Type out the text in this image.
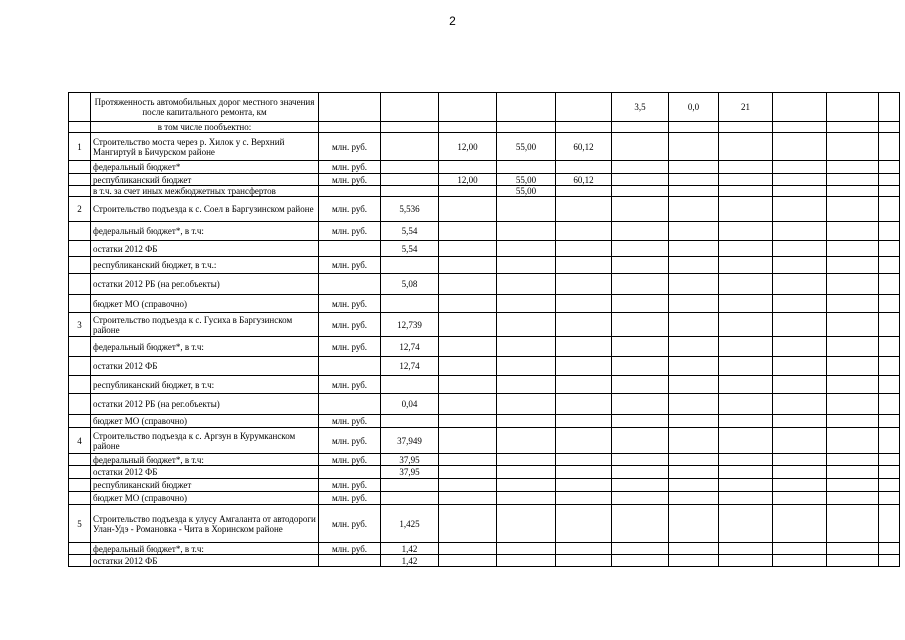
2
	Протяженность автомобильных дорог местного значения после капитального ремонта, км						3,5	0,0	21			
	в том числе пообъектно:											
1	Строительство моста через р. Хилок у с. Верхний Мангиртуй в Бичурском районе	млн. руб.		12,00	55,00	60,12						
	федеральный бюджет*	млн. руб.										
	республиканский бюджет	млн. руб.		12,00	55,00	60,12						
	в т.ч. за счет иных межбюджетных трансфертов				55,00							
2	Строительство подъезда к с. Соел в Баргузинском районе	млн. руб.	5,536									
	федеральный бюджет*, в т.ч:	млн. руб.	5,54									
	остатки 2012 ФБ		5,54									
	республиканский бюджет, в т.ч.:	млн. руб.										
	остатки 2012 РБ (на рег.объекты)		5,08									
	бюджет МО (справочно)	млн. руб.										
3	Строительство подъезда к с. Гусиха в Баргузинском районе	млн. руб.	12,739									
	федеральный бюджет*, в т.ч:	млн. руб.	12,74									
	остатки 2012 ФБ		12,74									
	республиканский бюджет, в т.ч:	млн. руб.										
	остатки 2012 РБ (на рег.объекты)		0,04									
	бюджет МО (справочно)	млн. руб.										
4	Строительство подъезда к с. Аргзун в Курумканском районе	млн. руб.	37,949									
	федеральный бюджет*, в т.ч:	млн. руб.	37,95									
	остатки 2012 ФБ		37,95									
	республиканский бюджет	млн. руб.										
	бюджет МО (справочно)	млн. руб.										
5	Строительство подъезда к улусу Амгаланта от автодороги Улан-Удэ - Романовка - Чита в Хоринском районе	млн. руб.	1,425									
	федеральный бюджет*, в т.ч:	млн. руб.	1,42									
	остатки 2012 ФБ		1,42									
